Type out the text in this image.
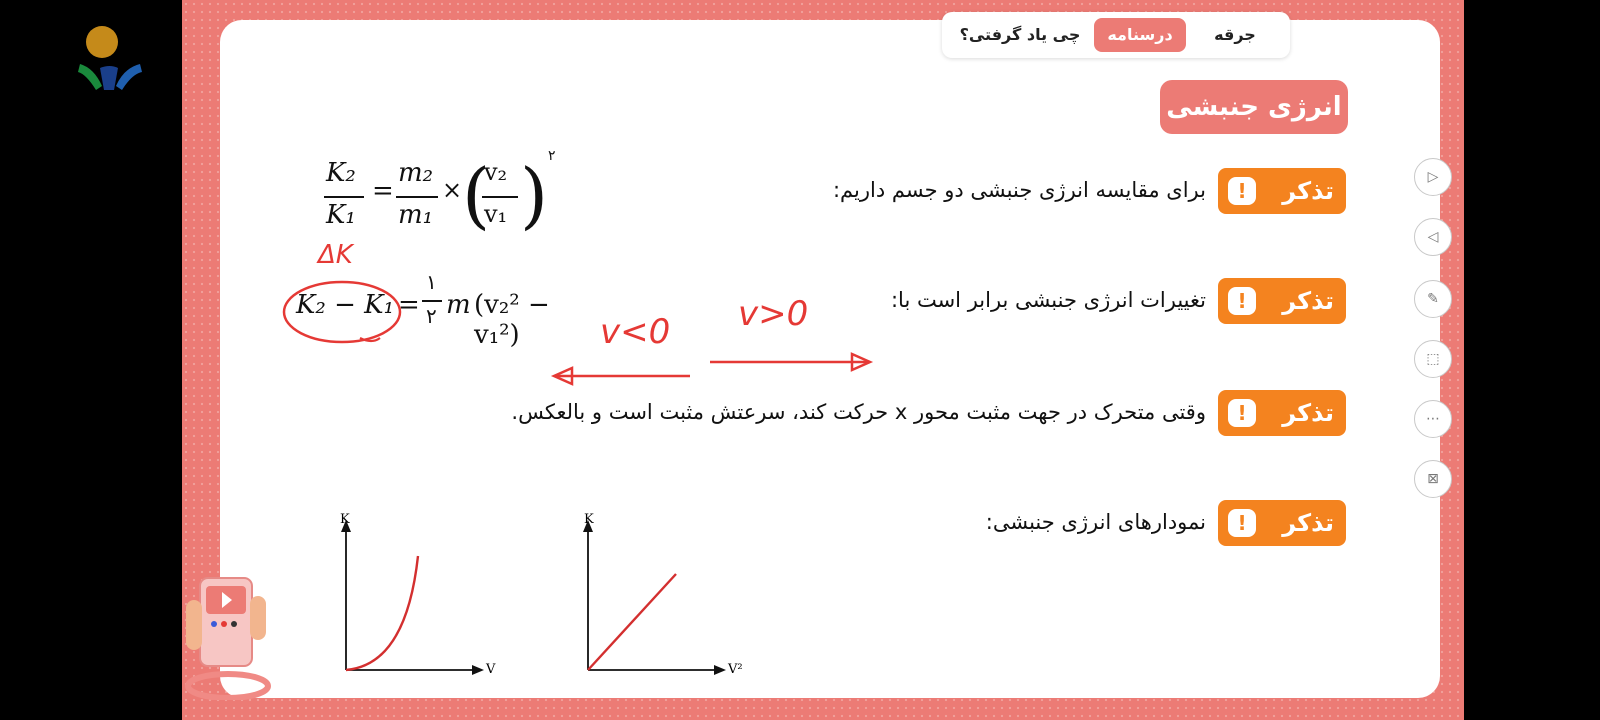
جرقه
درسنامه
چی یاد گرفتی؟
انرژی جنبشی
تذکر
!
برای مقایسه انرژی جنبشی دو جسم داریم:
تذکر
!
تغییرات انرژی جنبشی برابر است با:
تذکر
!
وقتی متحرک در جهت مثبت محور x حرکت کند، سرعتش مثبت است و بالعکس.
تذکر
!
نمودارهای انرژی جنبشی:
K₂
K₁
=
m₂
m₁
× (
v₂
v₁ ) ٢
K₂ − K₁ =
١
٢ m (v₂² − v₁²)
ΔK
v<0 v>0
K
V
K
V²
▷
◁
✎
⬚
⋯
⊠
